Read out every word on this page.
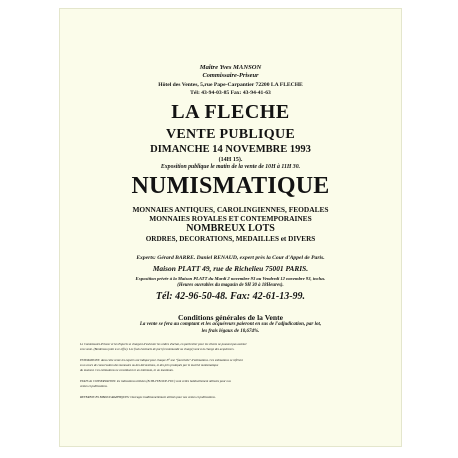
Maître Yves MANSON
Commissaire-Priseur
Hôtel des Ventes, 5,rue Pape-Carpantier 72200 LA FLECHE
Tél: 43-94-03-85 Fax: 43-94-41-63
LA FLECHE
VENTE PUBLIQUE
DIMANCHE 14 NOVEMBRE 1993
(14H 15).
Exposition publique le matin de la vente de 10H à 11H 30.
NUMISMATIQUE
MONNAIES ANTIQUES, CAROLINGIENNES, FEODALES
MONNAIES ROYALES ET CONTEMPORAINES
NOMBREUX LOTS
ORDRES, DECORATIONS, MEDAILLES et DIVERS
Experts: Gérard BARRE. Daniel RENAUD, expert près la Cour d'Appel de Paris.
Maison PLATT 49, rue de Richelieu 75001 PARIS.
Exposition privée à la Maison PLATT du Mardi 2 novembre 93 au Vendredi 12 novembre 93, inclus.
(Heures ouvrables du magasin de 9H 30 à 18Heures).
Tél: 42-96-50-48. Fax: 42-61-13-99.
Conditions générales de la Vente
La vente se fera au comptant et les acquéreurs paieront en sus de l'adjudication, par lot,
les frais légaux de 10,674%.
Le Commissaire-Priseur et les Experts se chargent d'exécuter les ordres d'achat, en particulier pour les clients ne pouvant pas assister
à la vente. (Bordereau joint à ce offre). Les frais éventuels de port (recommandé ou chargé) sont à la charge des acquéreurs.
ESTIMATIONS: dans cette vente les experts ont indiqué pour chaque N° une "fourchette" d'estimations. Ces estimations se réfèrent
à un cours de conservation des monnaies ou des décorations, et des prix pratiqués par le marché numismatique
du moment. Ces estimations ne constituent ni un minimum, ni un maximum.
ETATS de CONSERVATION: les indications utilisées (B-TB-TTB-SUP-FDC) sont celles habituellement utilisées pour nos
ventes et publications.
REFERENCES BIBLIOGRAPHIQUES: Ouvrages traditionnellement utilisés pour nos ventes et publications.
